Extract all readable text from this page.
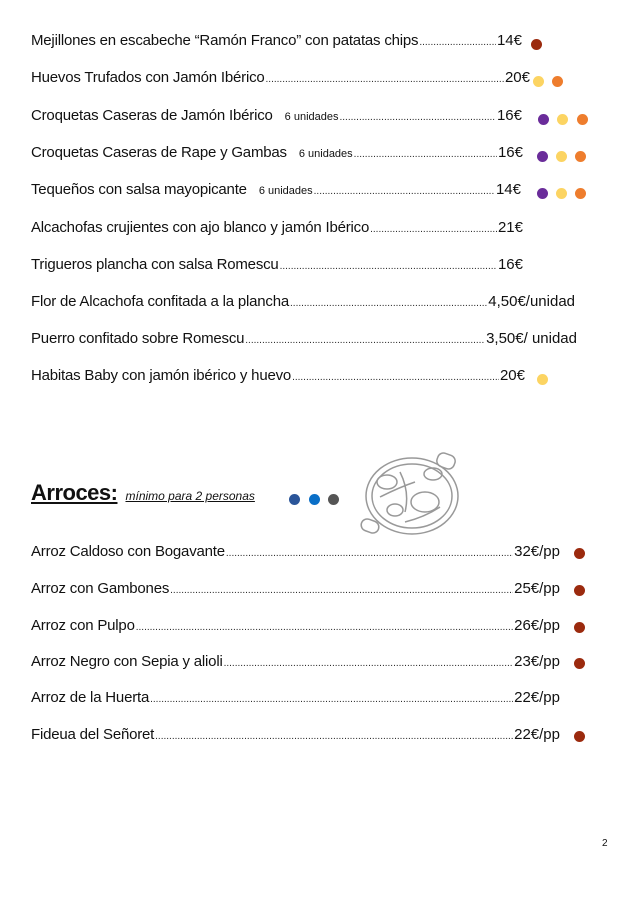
Arroces: mínimo para 2 personas
2
Mejillones en escabeche “Ramón Franco” con patatas chips .....	14€
Huevos Trufados con Jamón Ibérico .....	20€
Croquetas Caseras de Jamón Ibérico 6 unidades .....	16€
Croquetas Caseras de Rape y Gambas 6 unidades .....	16€
Tequeños con salsa mayopicante 6 unidades .....	14€
Alcachofas crujientes con ajo blanco y jamón Ibérico .....	21€
Trigueros plancha con salsa Romescu .....	16€
Flor de Alcachofa confitada a la plancha .....	4,50€/unidad
Puerro confitado sobre Romescu .....	3,50€/ unidad
Habitas Baby con jamón ibérico y huevo .....	20€
Arroz Caldoso con Bogavante .....	32€/pp
Arroz con Gambones .....	25€/pp
Arroz con Pulpo .....	26€/pp
Arroz Negro con Sepia y alioli .....	23€/pp
Arroz de la Huerta .....	22€/pp
Fideua del Señoret .....	22€/pp
